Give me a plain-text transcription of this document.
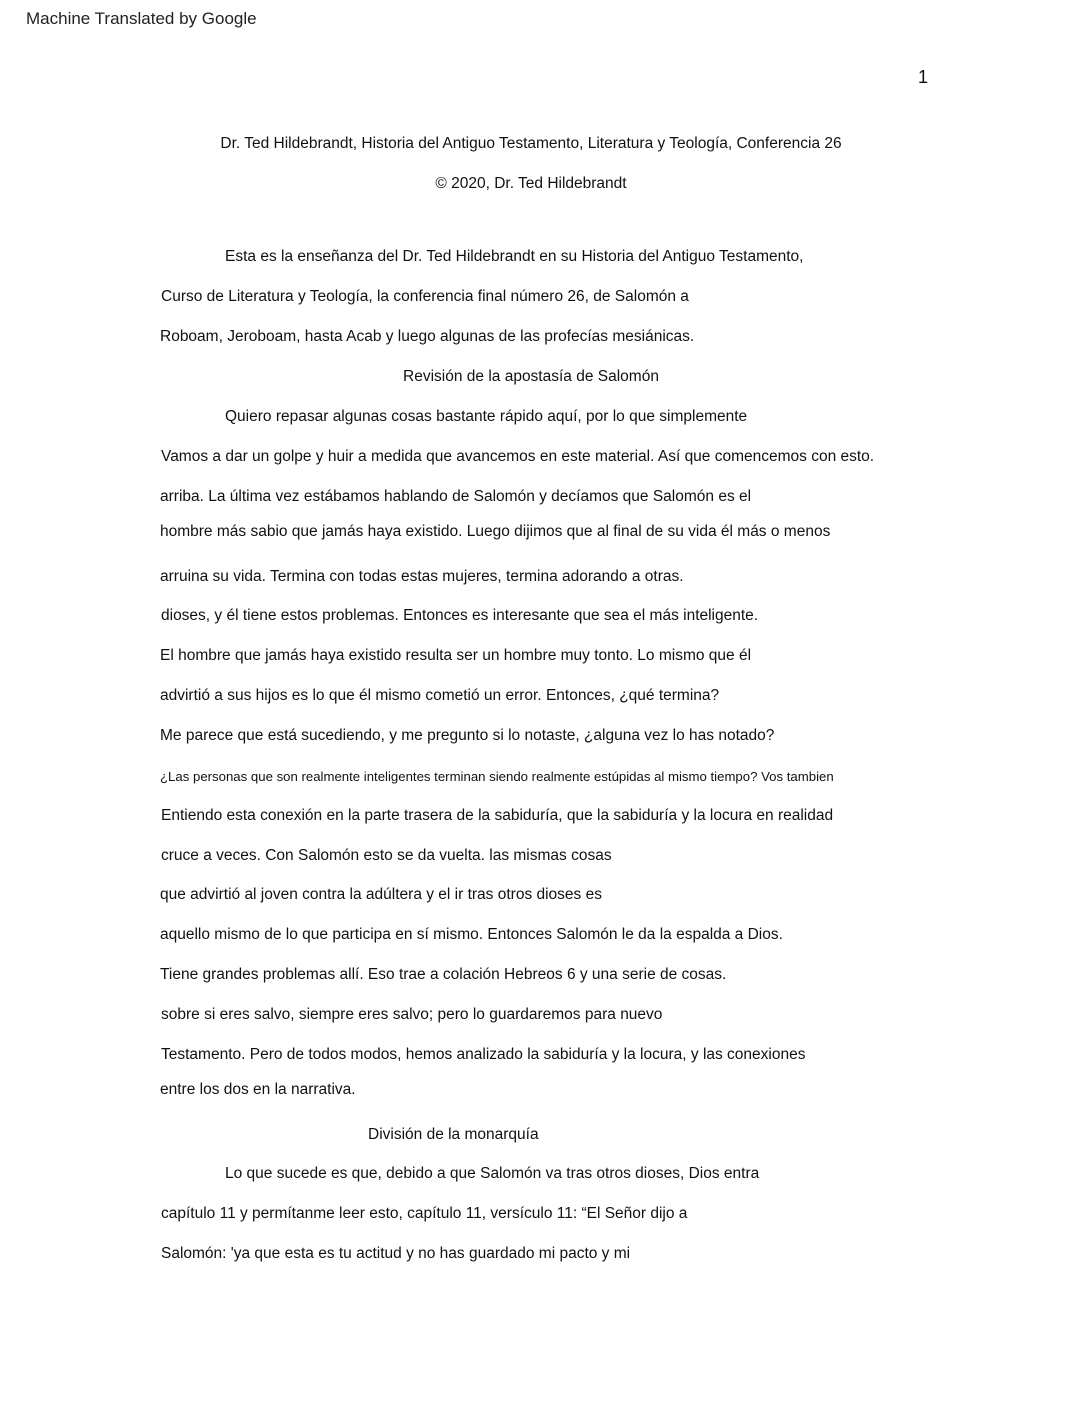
Machine Translated by Google
1
Dr. Ted Hildebrandt, Historia del Antiguo Testamento, Literatura y Teología, Conferencia 26
© 2020, Dr. Ted Hildebrandt
Esta es la enseñanza del Dr. Ted Hildebrandt en su Historia del Antiguo Testamento,
Curso de Literatura y Teología, la conferencia final número 26, de Salomón a
Roboam, Jeroboam, hasta Acab y luego algunas de las profecías mesiánicas.
Revisión de la apostasía de Salomón
Quiero repasar algunas cosas bastante rápido aquí, por lo que simplemente
Vamos a dar un golpe y huir a medida que avancemos en este material. Así que comencemos con esto.
arriba. La última vez estábamos hablando de Salomón y decíamos que Salomón es el
hombre más sabio que jamás haya existido. Luego dijimos que al final de su vida él más o menos
arruina su vida. Termina con todas estas mujeres, termina adorando a otras.
dioses, y él tiene estos problemas. Entonces es interesante que sea el más inteligente.
El hombre que jamás haya existido resulta ser un hombre muy tonto. Lo mismo que él
advirtió a sus hijos es lo que él mismo cometió un error. Entonces, ¿qué termina?
Me parece que está sucediendo, y me pregunto si lo notaste, ¿alguna vez lo has notado?
¿Las personas que son realmente inteligentes terminan siendo realmente estúpidas al mismo tiempo? Vos tambien
Entiendo esta conexión en la parte trasera de la sabiduría, que la sabiduría y la locura en realidad
cruce a veces. Con Salomón esto se da vuelta. las mismas cosas
que advirtió al joven contra la adúltera y el ir tras otros dioses es
aquello mismo de lo que participa en sí mismo. Entonces Salomón le da la espalda a Dios.
Tiene grandes problemas allí. Eso trae a colación Hebreos 6 y una serie de cosas.
sobre si eres salvo, siempre eres salvo; pero lo guardaremos para nuevo
Testamento. Pero de todos modos, hemos analizado la sabiduría y la locura, y las conexiones
entre los dos en la narrativa.
División de la monarquía
Lo que sucede es que, debido a que Salomón va tras otros dioses, Dios entra
capítulo 11 y permítanme leer esto, capítulo 11, versículo 11: “El Señor dijo a
Salomón: 'ya que esta es tu actitud y no has guardado mi pacto y mi
